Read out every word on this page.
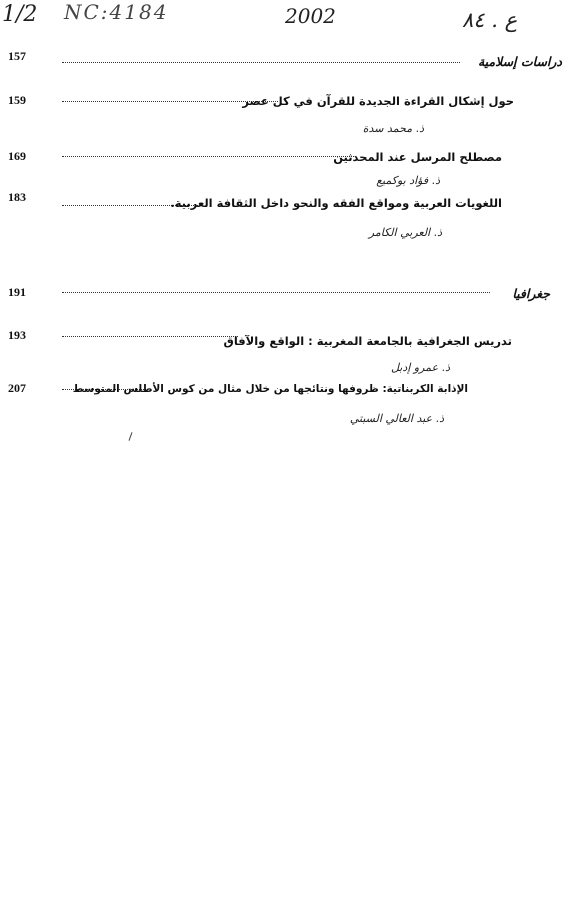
1/2 NC:4184	2002	ع . ٨٤
157	دراسات إسلامية
159	حول إشكال القراءة الجديدة للقرآن في كل عصر
ذ. محمد سدة
169	مصطلح المرسل عند المحدثين
ذ. فؤاد بوكميع
183	اللغويات العربية ومواقع الفقه والنحو داخل الثقافة العربية.
ذ. العربي الكامر
191	جغرافيا
193	تدريس الجغرافية بالجامعة المغربية : الواقع والآفاق
ذ. عمرو إدبل
207	الإذابة الكربناتية: ظروفها ونتائجها من خلال مثال من كوس الأطلس المتوسط
ذ. عبد العالي السبتي
